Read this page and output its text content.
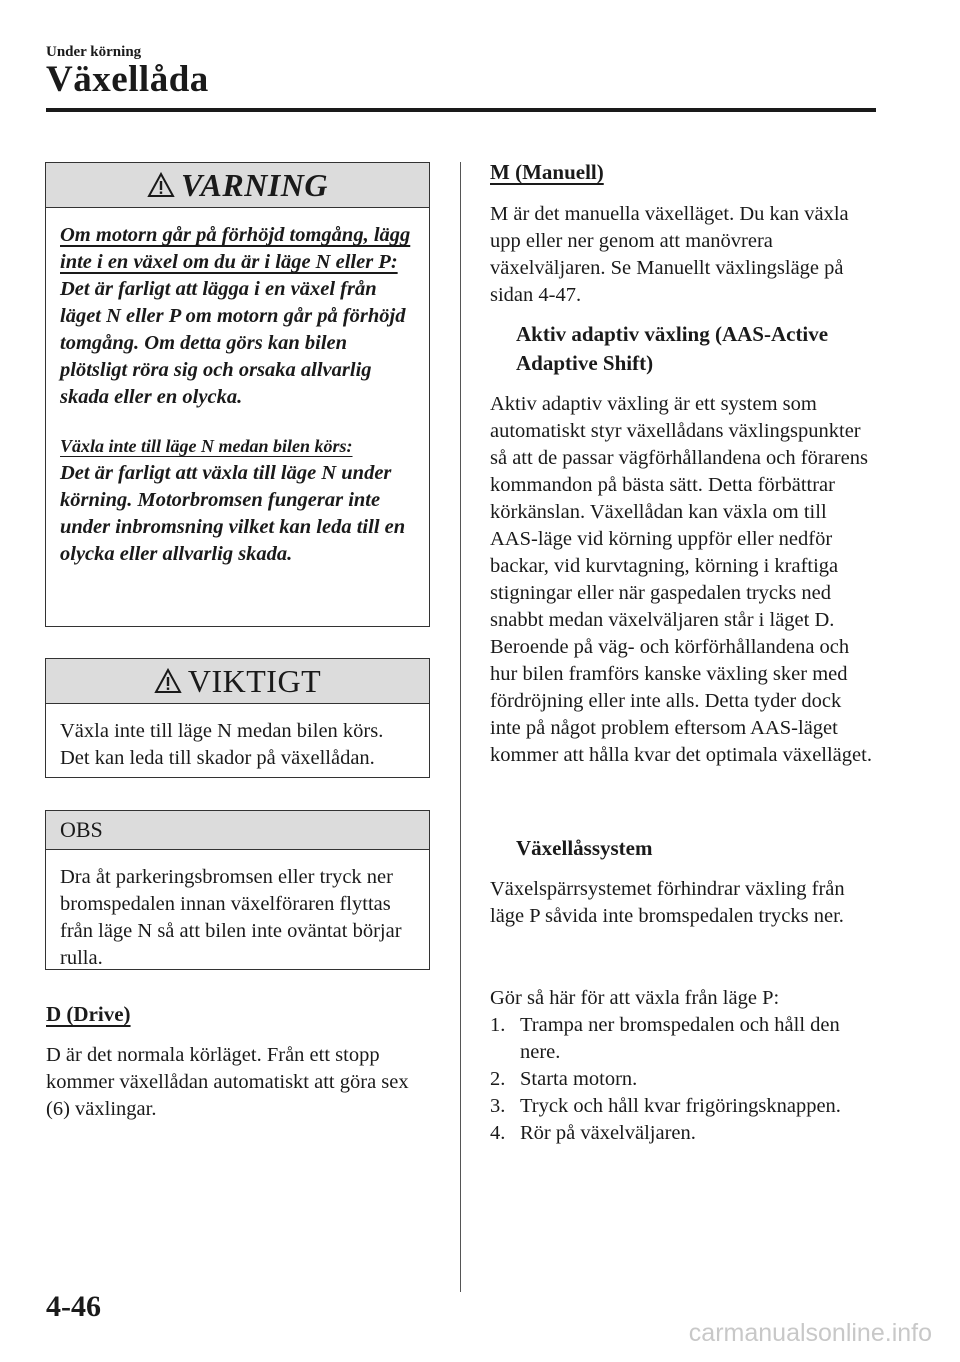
Under körning
Växellåda
VARNING

Om motorn går på förhöjd tomgång, lägg inte i en växel om du är i läge N eller P:

Det är farligt att lägga i en växel från läget N eller P om motorn går på förhöjd tomgång. Om detta görs kan bilen plötsligt röra sig och orsaka allvarlig skada eller en olycka.

Växla inte till läge N medan bilen körs:

Det är farligt att växla till läge N under körning. Motorbromsen fungerar inte under inbromsning vilket kan leda till en olycka eller allvarlig skada.

VIKTIGT
Växla inte till läge N medan bilen körs. Det kan leda till skador på växellådan.
OBS
Dra åt parkeringsbromsen eller tryck ner bromspedalen innan växelföraren flyttas från läge N så att bilen inte oväntat börjar rulla.
D (Drive)
D är det normala körläget. Från ett stopp kommer växellådan automatiskt att göra sex (6) växlingar.
M (Manuell)
M är det manuella växelläget. Du kan växla upp eller ner genom att manövrera växelväljaren. Se Manuellt växlingsläge på sidan 4-47.
Aktiv adaptiv växling (AAS-Active Adaptive Shift)
Aktiv adaptiv växling är ett system som automatiskt styr växellådans växlingspunkter så att de passar vägförhållandena och förarens kommandon på bästa sätt. Detta förbättrar körkänslan. Växellådan kan växla om till AAS-läge vid körning uppför eller nedför backar, vid kurvtagning, körning i kraftiga stigningar eller när gaspedalen trycks ned snabbt medan växelväljaren står i läget D. Beroende på väg- och körförhållandena och hur bilen framförs kanske växling sker med fördröjning eller inte alls. Detta tyder dock inte på något problem eftersom AAS-läget kommer att hålla kvar det optimala växelläget.
Växellåssystem
Växelspärrsystemet förhindrar växling från läge P såvida inte bromspedalen trycks ner.
Gör så här för att växla från läge P:
1. Trampa ner bromspedalen och håll den nere.
2. Starta motorn.
3. Tryck och håll kvar frigöringsknappen.
4. Rör på växelväljaren.
4-46
carmanualsonline.info
